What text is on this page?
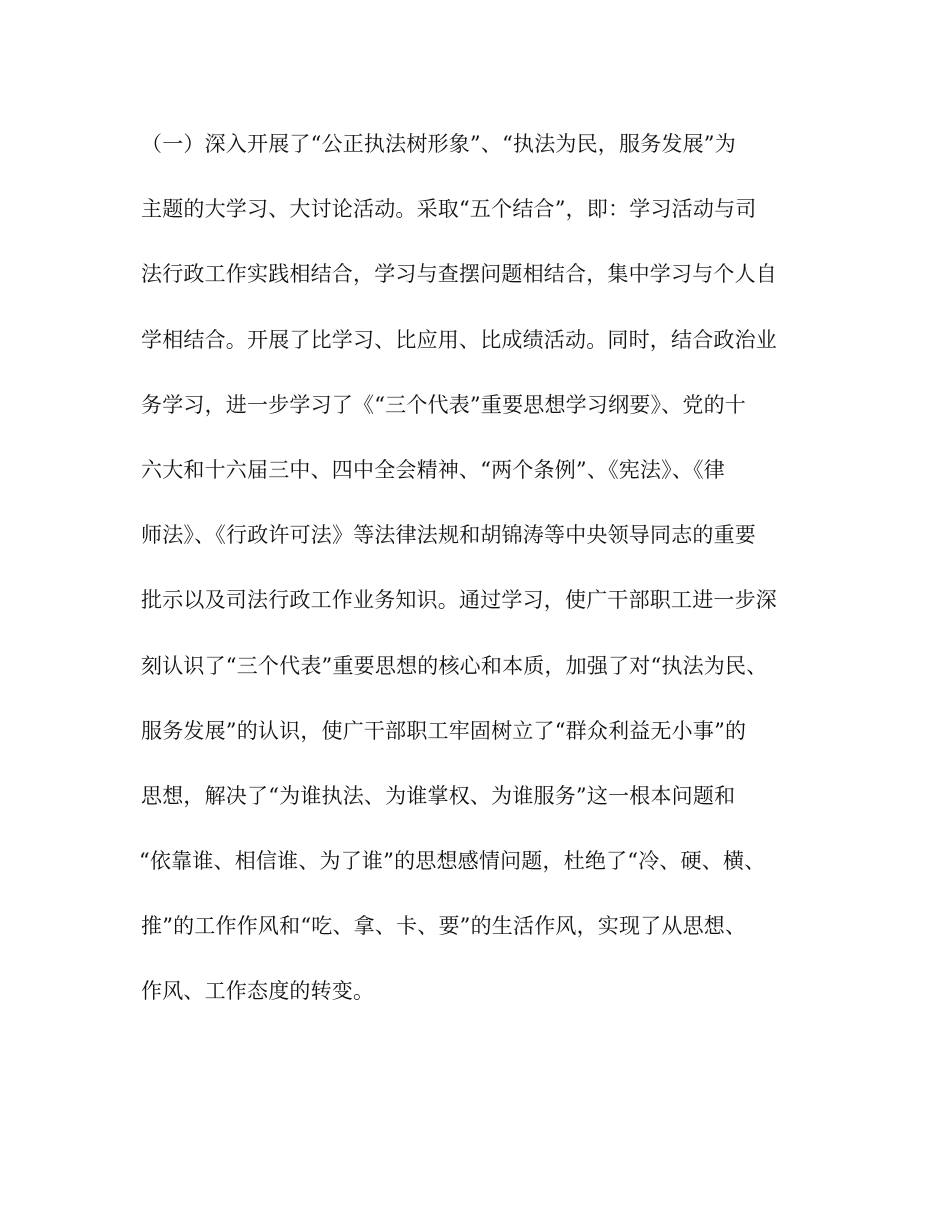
（一）深入开展了“公正执法树形象”、“执法为民，服务发展”为
主题的大学习、大讨论活动。采取“五个结合”，即：学习活动与司
法行政工作实践相结合，学习与查摆问题相结合，集中学习与个人自
学相结合。开展了比学习、比应用、比成绩活动。同时，结合政治业
务学习，进一步学习了《“三个代表”重要思想学习纲要》、党的十
六大和十六届三中、四中全会精神、“两个条例”、《宪法》、《律
师法》、《行政许可法》等法律法规和胡锦涛等中央领导同志的重要
批示以及司法行政工作业务知识。通过学习，使广干部职工进一步深
刻认识了“三个代表”重要思想的核心和本质，加强了对“执法为民、
服务发展”的认识，使广干部职工牢固树立了“群众利益无小事”的
思想，解决了“为谁执法、为谁掌权、为谁服务”这一根本问题和
“依靠谁、相信谁、为了谁”的思想感情问题，杜绝了“冷、硬、横、
推”的工作作风和“吃、拿、卡、要”的生活作风，实现了从思想、
作风、工作态度的转变。
